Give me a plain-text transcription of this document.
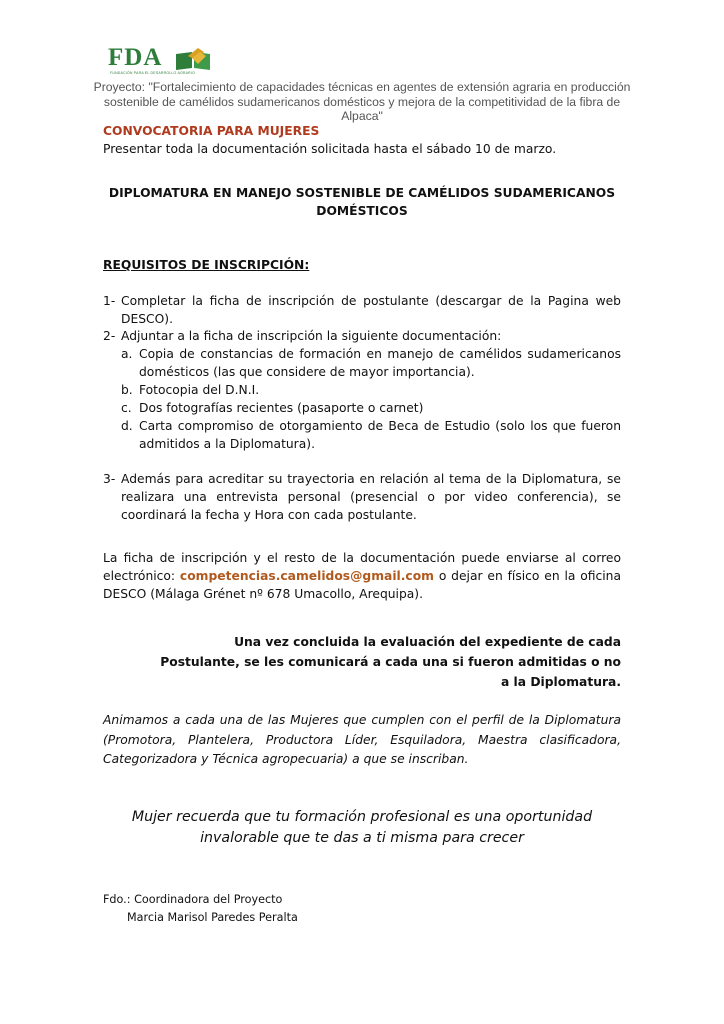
FDA
FUNDACIÓN PARA EL DESARROLLO AGRARIO
Proyecto: "Fortalecimiento de capacidades técnicas en agentes de extensión agraria en producción sostenible de camélidos sudamericanos domésticos y mejora de la competitividad de la fibra de Alpaca"
CONVOCATORIA PARA MUJERES
Presentar toda la documentación solicitada hasta el sábado 10 de marzo.
DIPLOMATURA EN MANEJO SOSTENIBLE DE CAMÉLIDOS SUDAMERICANOS DOMÉSTICOS
REQUISITOS DE INSCRIPCIÓN:
1- Completar la ficha de inscripción de postulante (descargar de la Pagina web DESCO).
2- Adjuntar a la ficha de inscripción la siguiente documentación:
a. Copia de constancias de formación en manejo de camélidos sudamericanos domésticos (las que considere de mayor importancia).
b. Fotocopia del D.N.I.
c. Dos fotografías recientes (pasaporte o carnet)
d. Carta compromiso de otorgamiento de Beca de Estudio (solo los que fueron admitidos a la Diplomatura).
3- Además para acreditar su trayectoria en relación al tema de la Diplomatura, se realizara una entrevista personal (presencial o por video conferencia), se coordinará la fecha y Hora con cada postulante.
La ficha de inscripción y el resto de la documentación puede enviarse al correo electrónico: competencias.camelidos@gmail.com o dejar en físico en la oficina DESCO (Málaga Grénet nº 678 Umacollo, Arequipa).
Una vez concluida la evaluación del expediente de cada Postulante, se les comunicará a cada una si fueron admitidas o no a la Diplomatura.
Animamos a cada una de las Mujeres que cumplen con el perfil de la Diplomatura (Promotora, Plantelera, Productora Líder, Esquiladora, Maestra clasificadora, Categorizadora y Técnica agropecuaria) a que se inscriban.
Mujer recuerda que tu formación profesional es una oportunidad invalorable que te das a ti misma para crecer
Fdo.: Coordinadora del Proyecto
Marcia Marisol Paredes Peralta
